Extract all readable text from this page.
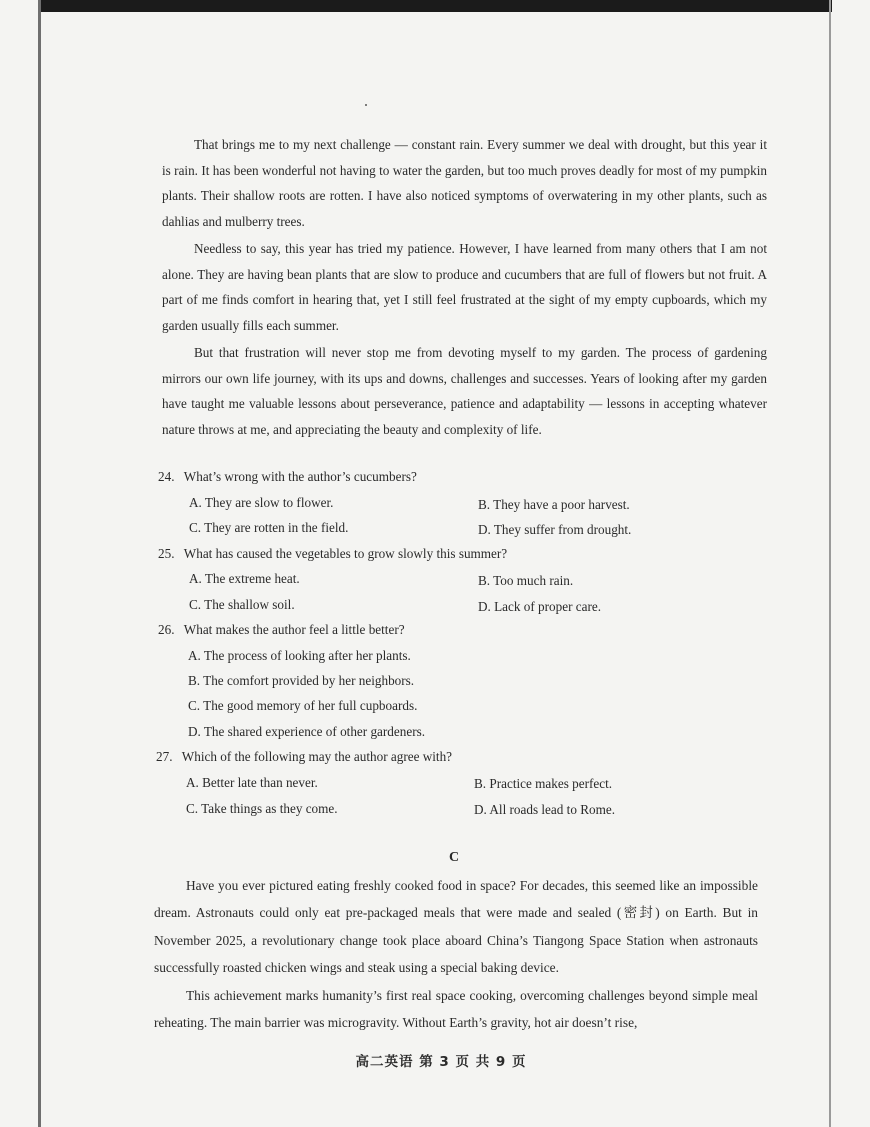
That brings me to my next challenge — constant rain. Every summer we deal with drought, but this year it is rain. It has been wonderful not having to water the garden, but too much proves deadly for most of my pumpkin plants. Their shallow roots are rotten. I have also noticed symptoms of overwatering in my other plants, such as dahlias and mulberry trees.

Needless to say, this year has tried my patience. However, I have learned from many others that I am not alone. They are having bean plants that are slow to produce and cucumbers that are full of flowers but not fruit. A part of me finds comfort in hearing that, yet I still feel frustrated at the sight of my empty cupboards, which my garden usually fills each summer.

But that frustration will never stop me from devoting myself to my garden. The process of gardening mirrors our own life journey, with its ups and downs, challenges and successes. Years of looking after my garden have taught me valuable lessons about perseverance, patience and adaptability — lessons in accepting whatever nature throws at me, and appreciating the beauty and complexity of life.

24. What’s wrong with the author’s cucumbers?
A. They are slow to flower.	B. They have a poor harvest.
C. They are rotten in the field.	D. They suffer from drought.
25. What has caused the vegetables to grow slowly this summer?
A. The extreme heat.	B. Too much rain.
C. The shallow soil.	D. Lack of proper care.
26. What makes the author feel a little better?
A. The process of looking after her plants.
B. The comfort provided by her neighbors.
C. The good memory of her full cupboards.
D. The shared experience of other gardeners.
27. Which of the following may the author agree with?
A. Better late than never.	B. Practice makes perfect.
C. Take things as they come.	D. All roads lead to Rome.
C

Have you ever pictured eating freshly cooked food in space? For decades, this seemed like an impossible dream. Astronauts could only eat pre-packaged meals that were made and sealed (密封) on Earth. But in November 2025, a revolutionary change took place aboard China’s Tiangong Space Station when astronauts successfully roasted chicken wings and steak using a special baking device.

This achievement marks humanity’s first real space cooking, overcoming challenges beyond simple meal reheating. The main barrier was microgravity. Without Earth’s gravity, hot air doesn’t rise,

高二英语 第 3 页 共 9 页
